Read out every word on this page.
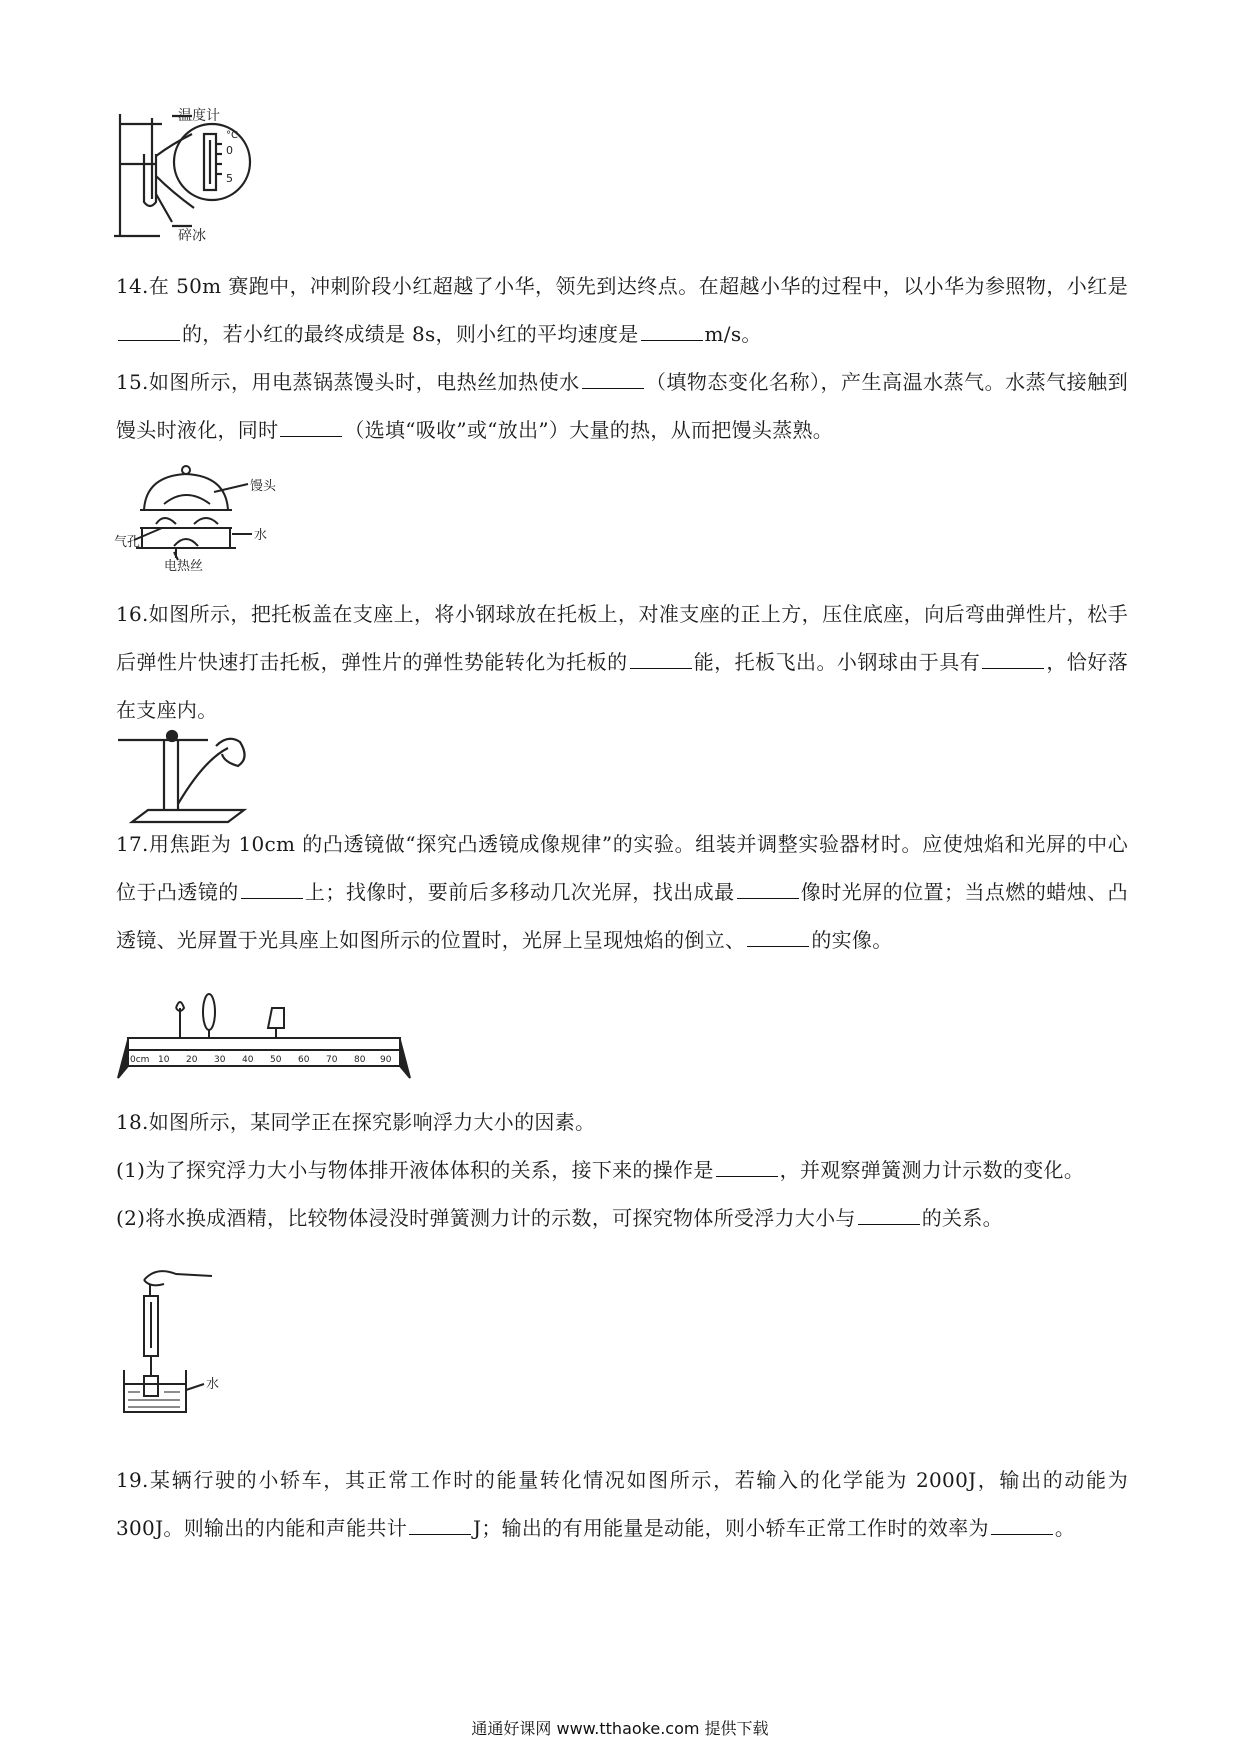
温度计
°C
0
5
碎冰

14.在 50m 赛跑中，冲刺阶段小红超越了小华，领先到达终点。在超越小华的过程中，以小华为参照物，小红是的，若小红的最终成绩是 8s，则小红的平均速度是	m/s。

15.如图所示，用电蒸锅蒸馒头时，电热丝加热使水	（填物态变化名称），产生高温水蒸气。水蒸气接触到馒头时液化，同时	（选填“吸收”或“放出”）大量的热，从而把馒头蒸熟。

馒头
水
气孔
电热丝

16.如图所示，把托板盖在支座上，将小钢球放在托板上，对准支座的正上方，压住底座，向后弯曲弹性片，松手后弹性片快速打击托板，弹性片的弹性势能转化为托板的	能，托板飞出。小钢球由于具有	，恰好落在支座内。

17.用焦距为 10cm 的凸透镜做“探究凸透镜成像规律”的实验。组装并调整实验器材时。应使烛焰和光屏的中心位于凸透镜的	上；找像时，要前后多移动几次光屏，找出成最	像时光屏的位置；当点燃的蜡烛、凸透镜、光屏置于光具座上如图所示的位置时，光屏上呈现烛焰的倒立、	的实像。

0cm 10 20 30 40 50 60 70 80 90

18.如图所示，某同学正在探究影响浮力大小的因素。

(1)为了探究浮力大小与物体排开液体体积的关系，接下来的操作是	，并观察弹簧测力计示数的变化。

(2)将水换成酒精，比较物体浸没时弹簧测力计的示数，可探究物体所受浮力大小与	的关系。

水

19.某辆行驶的小轿车，其正常工作时的能量转化情况如图所示，若输入的化学能为 2000J，输出的动能为 300J。则输出的内能和声能共计	J；输出的有用能量是动能，则小轿车正常工作时的效率为	。

通通好课网 www.tthaoke.com 提供下载
